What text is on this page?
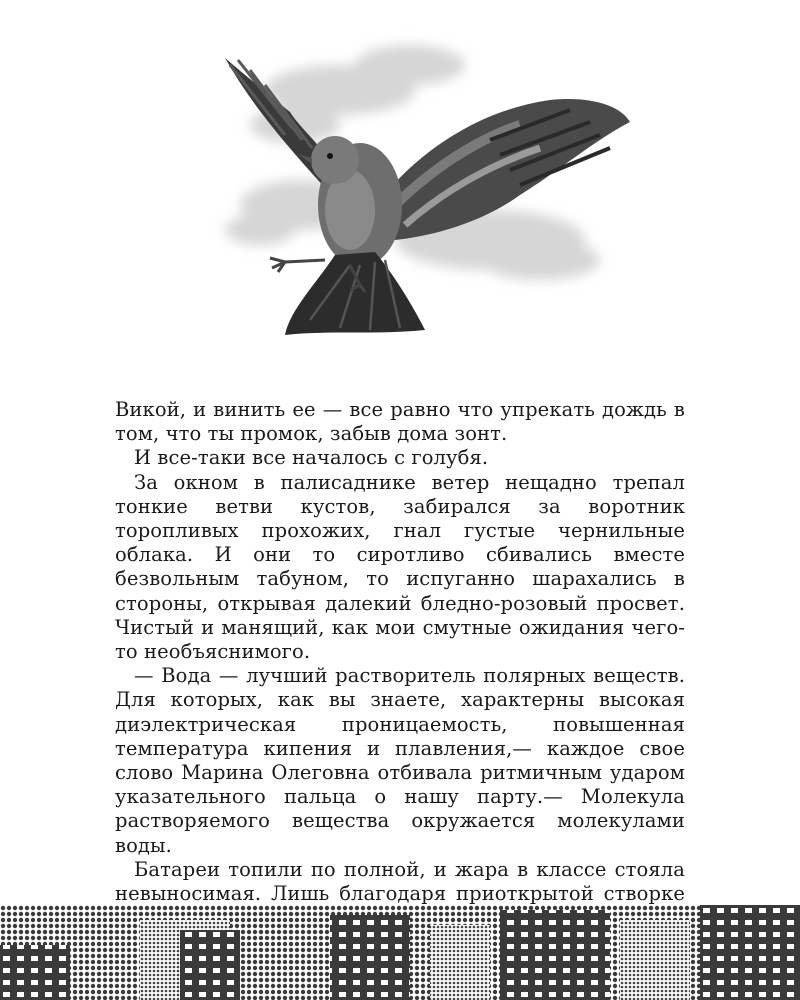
Викой, и винить ее — все равно что упрекать дождь в том, что ты промок, забыв дома зонт.

И все-таки все началось с голубя.

За окном в палисаднике ветер нещадно трепал тонкие ветви кустов, забирался за воротник торопливых прохожих, гнал густые чернильные облака. И они то сиротливо сбивались вместе безвольным табуном, то испуганно шарахались в стороны, открывая далекий бледно-розовый просвет. Чистый и манящий, как мои смутные ожидания чего-то необъяснимого.

— Вода — лучший растворитель полярных веществ. Для которых, как вы знаете, характерны высокая диэлектрическая проницаемость, повышенная температура кипения и плавления,— каждое свое слово Марина Олеговна отбивала ритмичным ударом указательного пальца о нашу парту.— Молекула растворяемого вещества окружается молекулами воды.

Батареи топили по полной, и жара в классе стояла невыносимая. Лишь благодаря приоткрытой створке
